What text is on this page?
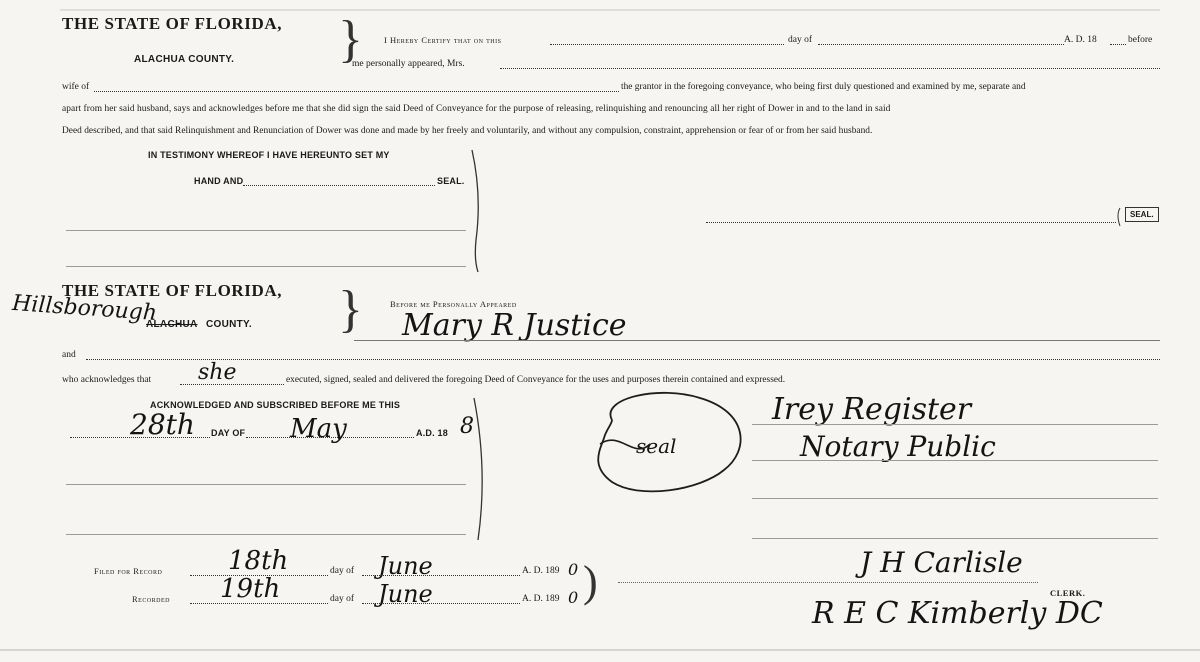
THE STATE OF FLORIDA,
ALACHUA COUNTY. } I Hereby Certify that on this	day of	A. D. 18	before
me personally appeared, Mrs.
wife of	the grantor in the foregoing conveyance, who being first duly questioned and examined by me, separate and
apart from her said husband, says and acknowledges before me that she did sign the said Deed of Conveyance for the purpose of releasing, relinquishing and renouncing all her right of Dower in and to the land in said
Deed described, and that said Relinquishment and Renunciation of Dower was done and made by her freely and voluntarily, and without any compulsion, constraint, apprehension or fear of or from her said husband.
IN TESTIMONY WHEREOF I HAVE HEREUNTO SET MY
HAND AND	SEAL.
SEAL.
THE STATE OF FLORIDA,
ALACHUA COUNTY.
Hillsborough	}	Before me Personally Appeared
Mary R Justice
and
who acknowledges that she	executed, signed, sealed and delivered the foregoing Deed of Conveyance for the uses and purposes therein contained and expressed.
ACKNOWLEDGED AND SUBSCRIBED BEFORE ME THIS
28th DAY OF May	A.D. 18 8
seal
Irey Register
Notary Public
Filed for Record	18th	day of June	A. D. 189 0
Recorded 19th	day of June	A. D. 189 0 )	J H Carlisle
CLERK.
R E C Kimberly DC
